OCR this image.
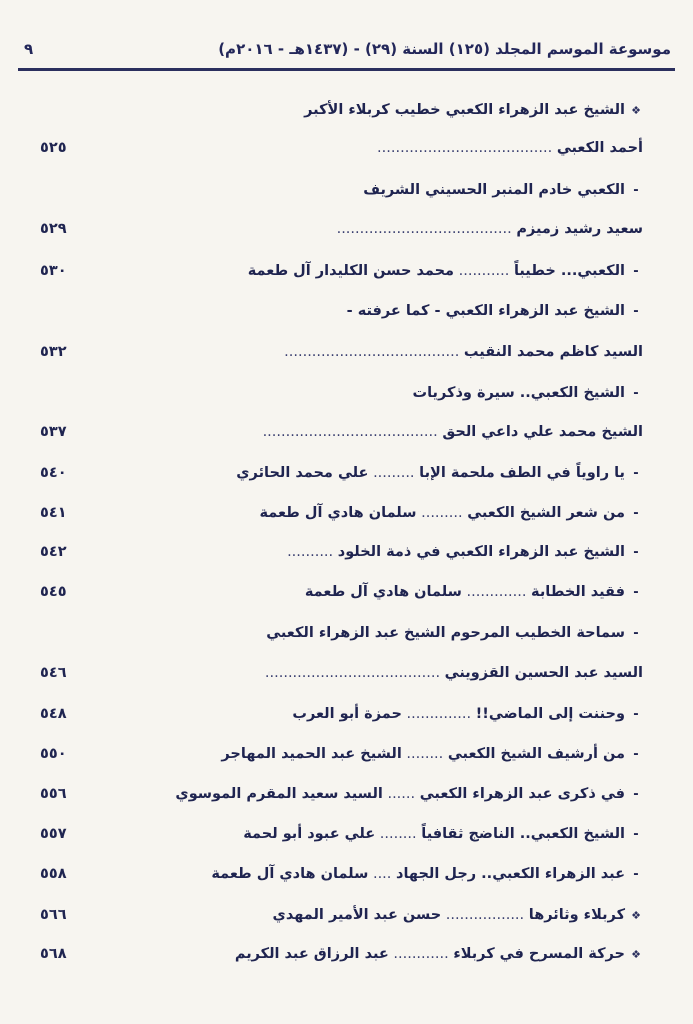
موسوعة الموسم المجلد (١٢٥) السنة (٢٩) - (١٤٣٧هـ - ٢٠١٦م)
٩
❖الشيخ عبد الزهراء الكعبي خطيب كربلاء الأكبر
أحمد الكعبي ......................................
٥٢٥
-الكعبي خادم المنبر الحسيني الشريف
سعيد رشيد زميزم ......................................
٥٢٩
-الكعبي... خطيباً ........... محمد حسن الكليدار آل طعمة
٥٣٠
-الشيخ عبد الزهراء الكعبي - كما عرفته -
السيد كاظم محمد النقيب ......................................
٥٣٢
-الشيخ الكعبي.. سيرة وذكريات
الشيخ محمد علي داعي الحق ......................................
٥٣٧
-يا راوياً في الطف ملحمة الإبا ......... علي محمد الحائري
٥٤٠
-من شعر الشيخ الكعبي ......... سلمان هادي آل طعمة
٥٤١
-الشيخ عبد الزهراء الكعبي في ذمة الخلود ..........
٥٤٢
-فقيد الخطابة ............. سلمان هادي آل طعمة
٥٤٥
-سماحة الخطيب المرحوم الشيخ عبد الزهراء الكعبي
السيد عبد الحسين القزويني ......................................
٥٤٦
-وحننت إلى الماضي!! .............. حمزة أبو العرب
٥٤٨
-من أرشيف الشيخ الكعبي ........ الشيخ عبد الحميد المهاجر
٥٥٠
-في ذكرى عبد الزهراء الكعبي ...... السيد سعيد المقرم الموسوي
٥٥٦
-الشيخ الكعبي.. الناضج ثقافياً ........ علي عبود أبو لحمة
٥٥٧
-عبد الزهراء الكعبي.. رجل الجهاد .... سلمان هادي آل طعمة
٥٥٨
❖كربلاء وثائرها ................. حسن عبد الأمير المهدي
٥٦٦
❖حركة المسرح في كربلاء ............ عبد الرزاق عبد الكريم
٥٦٨
